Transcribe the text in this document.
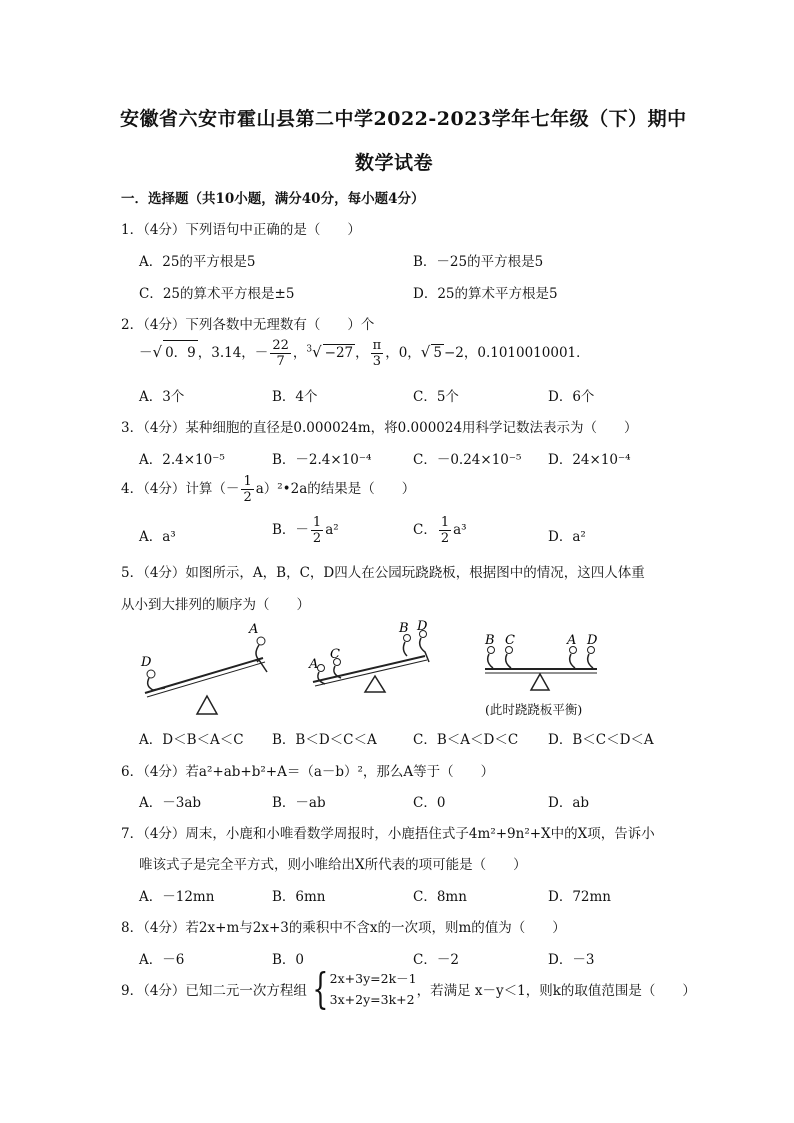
安徽省六安市霍山县第二中学2022-2023学年七年级（下）期中
数学试卷
一．选择题（共10小题，满分40分，每小题4分）
1．（4分）下列语句中正确的是（　　）
A．25的平方根是5	B．－25的平方根是5
C．25的算术平方根是±5	D．25的算术平方根是5
2．（4分）下列各数中无理数有（　　）个
－√ 0．9 ，3.14，－ $\frac{22}{7}$ ，$^3$√ −27 ， $\frac{\pi}{3}$ ，0，√ 5 −2，0.1010010001．
A．3个	B．4个	C．5个	D．6个
3．（4分）某种细胞的直径是0.000024m，将0.000024用科学记数法表示为（　　）
A．2.4×10⁻⁵	B．－2.4×10⁻⁴	C．－0.24×10⁻⁵ D．24×10⁻⁴
4．（4分）计算（－ $\frac{1}{2}$ a）²•2a的结果是（　　）
A．a³	B．－ $\frac{1}{2} a^2$	C． $\frac{1}{2} a^3$	D．a²
5．（4分）如图所示，A，B，C，D四人在公园玩跷跷板，根据图中的情况，这四人体重
从小到大排列的顺序为（　　）
D
A
A
C
B D
B C	A D
(此时跷跷板平衡)
A．D＜B＜A＜C B．B＜D＜C＜A	C．B＜A＜D＜C D．B＜C＜D＜A
6．（4分）若a²+ab+b²+A＝（a－b）²，那么A等于（　　）
A．－3ab	B．－ab	C．0	D．ab
7．（4分）周末，小鹿和小唯看数学周报时，小鹿捂住式子4m²+9n²+X中的X项，告诉小
唯该式子是完全平方式，则小唯给出X所代表的项可能是（　　）
A．－12mn	B．6mn	C．8mn	D．72mn
8．（4分）若2x+m与2x+3的乘积中不含x的一次项，则m的值为（　　）
A．－6	B．0	C．－2	D．－3
9．（4分）已知二元一次方程组 { 2x+3y=2k－1
3x+2y=3k+2
，若满足 x－y＜1，则k的取值范围是（　　）
